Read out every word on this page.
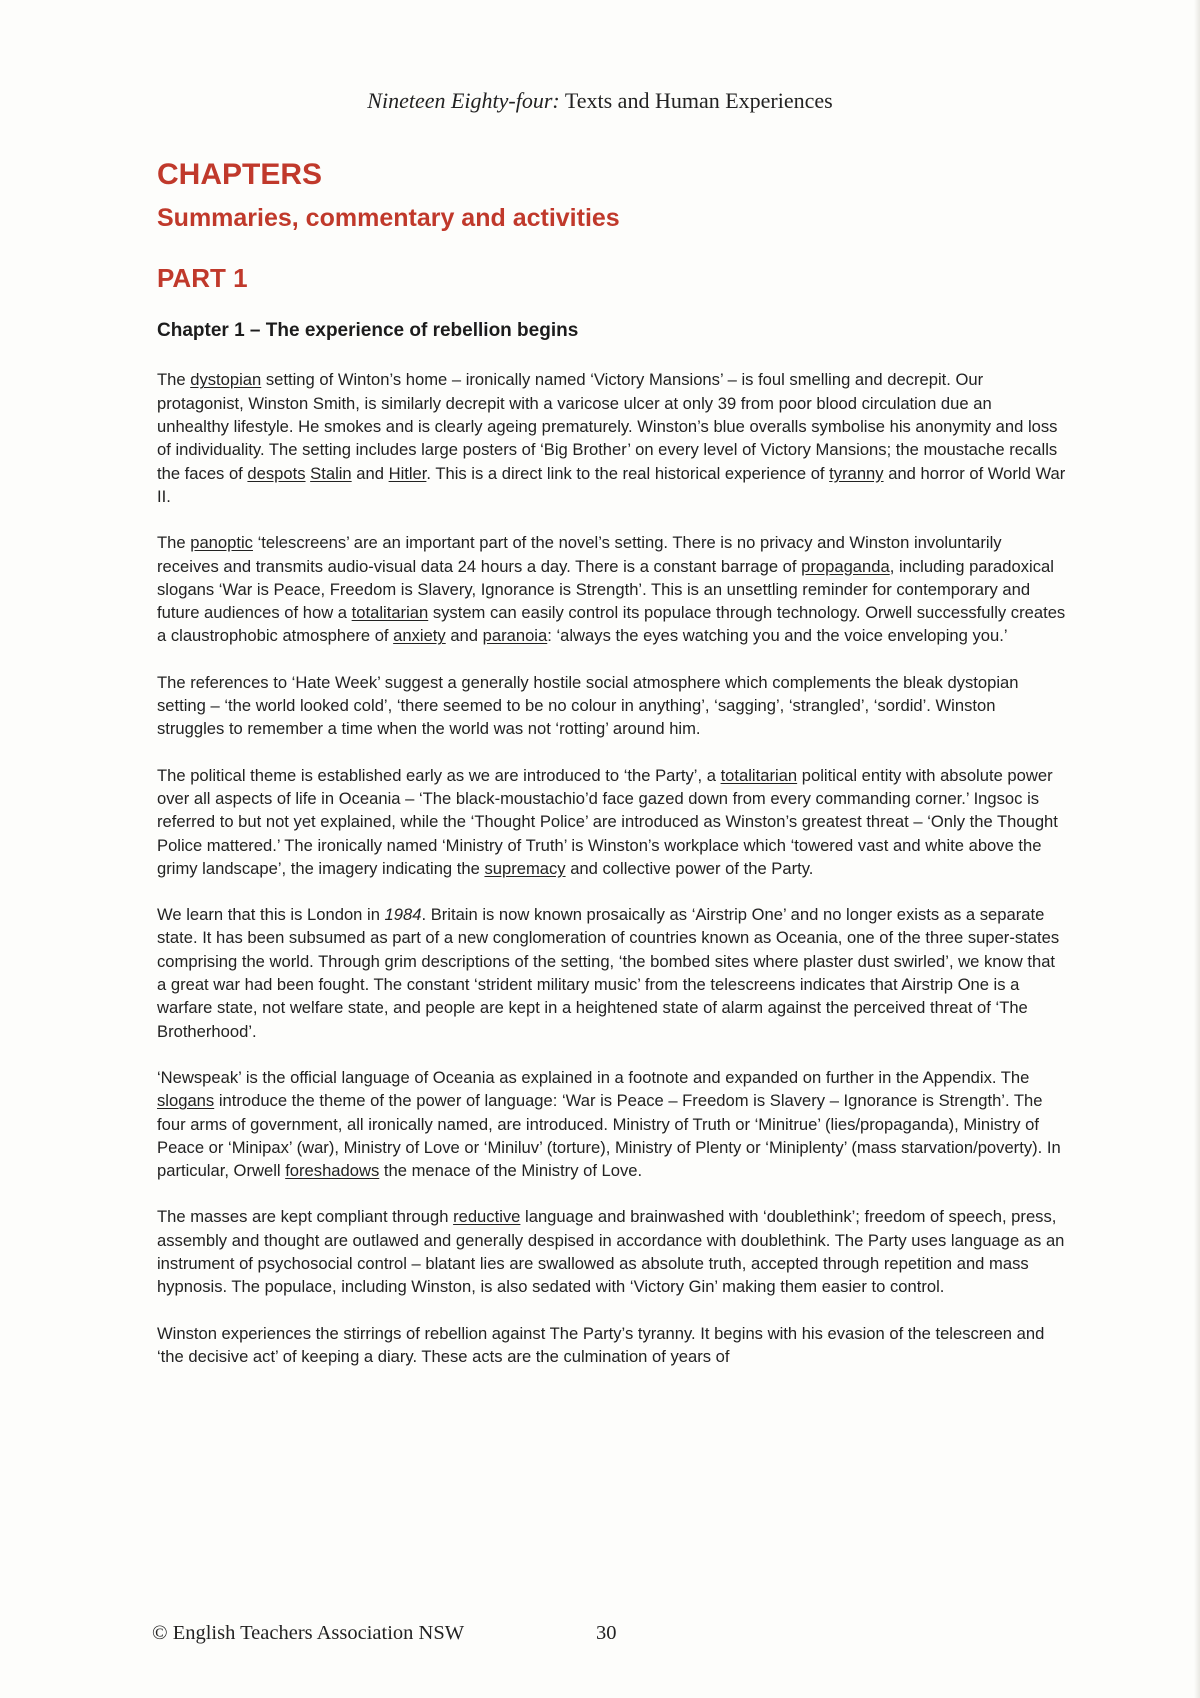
Nineteen Eighty-four: Texts and Human Experiences
CHAPTERS
Summaries, commentary and activities
PART 1
Chapter 1 – The experience of rebellion begins

The dystopian setting of Winton’s home – ironically named ‘Victory Mansions’ – is foul smelling and decrepit. Our protagonist, Winston Smith, is similarly decrepit with a varicose ulcer at only 39 from poor blood circulation due an unhealthy lifestyle. He smokes and is clearly ageing prematurely. Winston’s blue overalls symbolise his anonymity and loss of individuality. The setting includes large posters of ‘Big Brother’ on every level of Victory Mansions; the moustache recalls the faces of despots Stalin and Hitler. This is a direct link to the real historical experience of tyranny and horror of World War II.

The panoptic ‘telescreens’ are an important part of the novel’s setting. There is no privacy and Winston involuntarily receives and transmits audio-visual data 24 hours a day. There is a constant barrage of propaganda, including paradoxical slogans ‘War is Peace, Freedom is Slavery, Ignorance is Strength’. This is an unsettling reminder for contemporary and future audiences of how a totalitarian system can easily control its populace through technology. Orwell successfully creates a claustrophobic atmosphere of anxiety and paranoia: ‘always the eyes watching you and the voice enveloping you.’

The references to ‘Hate Week’ suggest a generally hostile social atmosphere which complements the bleak dystopian setting – ‘the world looked cold’, ‘there seemed to be no colour in anything’, ‘sagging’, ‘strangled’, ‘sordid’. Winston struggles to remember a time when the world was not ‘rotting’ around him.

The political theme is established early as we are introduced to ‘the Party’, a totalitarian political entity with absolute power over all aspects of life in Oceania – ‘The black-moustachio’d face gazed down from every commanding corner.’ Ingsoc is referred to but not yet explained, while the ‘Thought Police’ are introduced as Winston’s greatest threat – ‘Only the Thought Police mattered.’ The ironically named ‘Ministry of Truth’ is Winston’s workplace which ‘towered vast and white above the grimy landscape’, the imagery indicating the supremacy and collective power of the Party.

We learn that this is London in 1984. Britain is now known prosaically as ‘Airstrip One’ and no longer exists as a separate state. It has been subsumed as part of a new conglomeration of countries known as Oceania, one of the three super-states comprising the world. Through grim descriptions of the setting, ‘the bombed sites where plaster dust swirled’, we know that a great war had been fought. The constant ‘strident military music’ from the telescreens indicates that Airstrip One is a warfare state, not welfare state, and people are kept in a heightened state of alarm against the perceived threat of ‘The Brotherhood’.

‘Newspeak’ is the official language of Oceania as explained in a footnote and expanded on further in the Appendix. The slogans introduce the theme of the power of language: ‘War is Peace – Freedom is Slavery – Ignorance is Strength’. The four arms of government, all ironically named, are introduced. Ministry of Truth or ‘Minitrue’ (lies/propaganda), Ministry of Peace or ‘Minipax’ (war), Ministry of Love or ‘Miniluv’ (torture), Ministry of Plenty or ‘Miniplenty’ (mass starvation/poverty). In particular, Orwell foreshadows the menace of the Ministry of Love.

The masses are kept compliant through reductive language and brainwashed with ‘doublethink’; freedom of speech, press, assembly and thought are outlawed and generally despised in accordance with doublethink. The Party uses language as an instrument of psychosocial control – blatant lies are swallowed as absolute truth, accepted through repetition and mass hypnosis. The populace, including Winston, is also sedated with ‘Victory Gin’ making them easier to control.

Winston experiences the stirrings of rebellion against The Party’s tyranny. It begins with his evasion of the telescreen and ‘the decisive act’ of keeping a diary. These acts are the culmination of years of

© English Teachers Association NSW	30
